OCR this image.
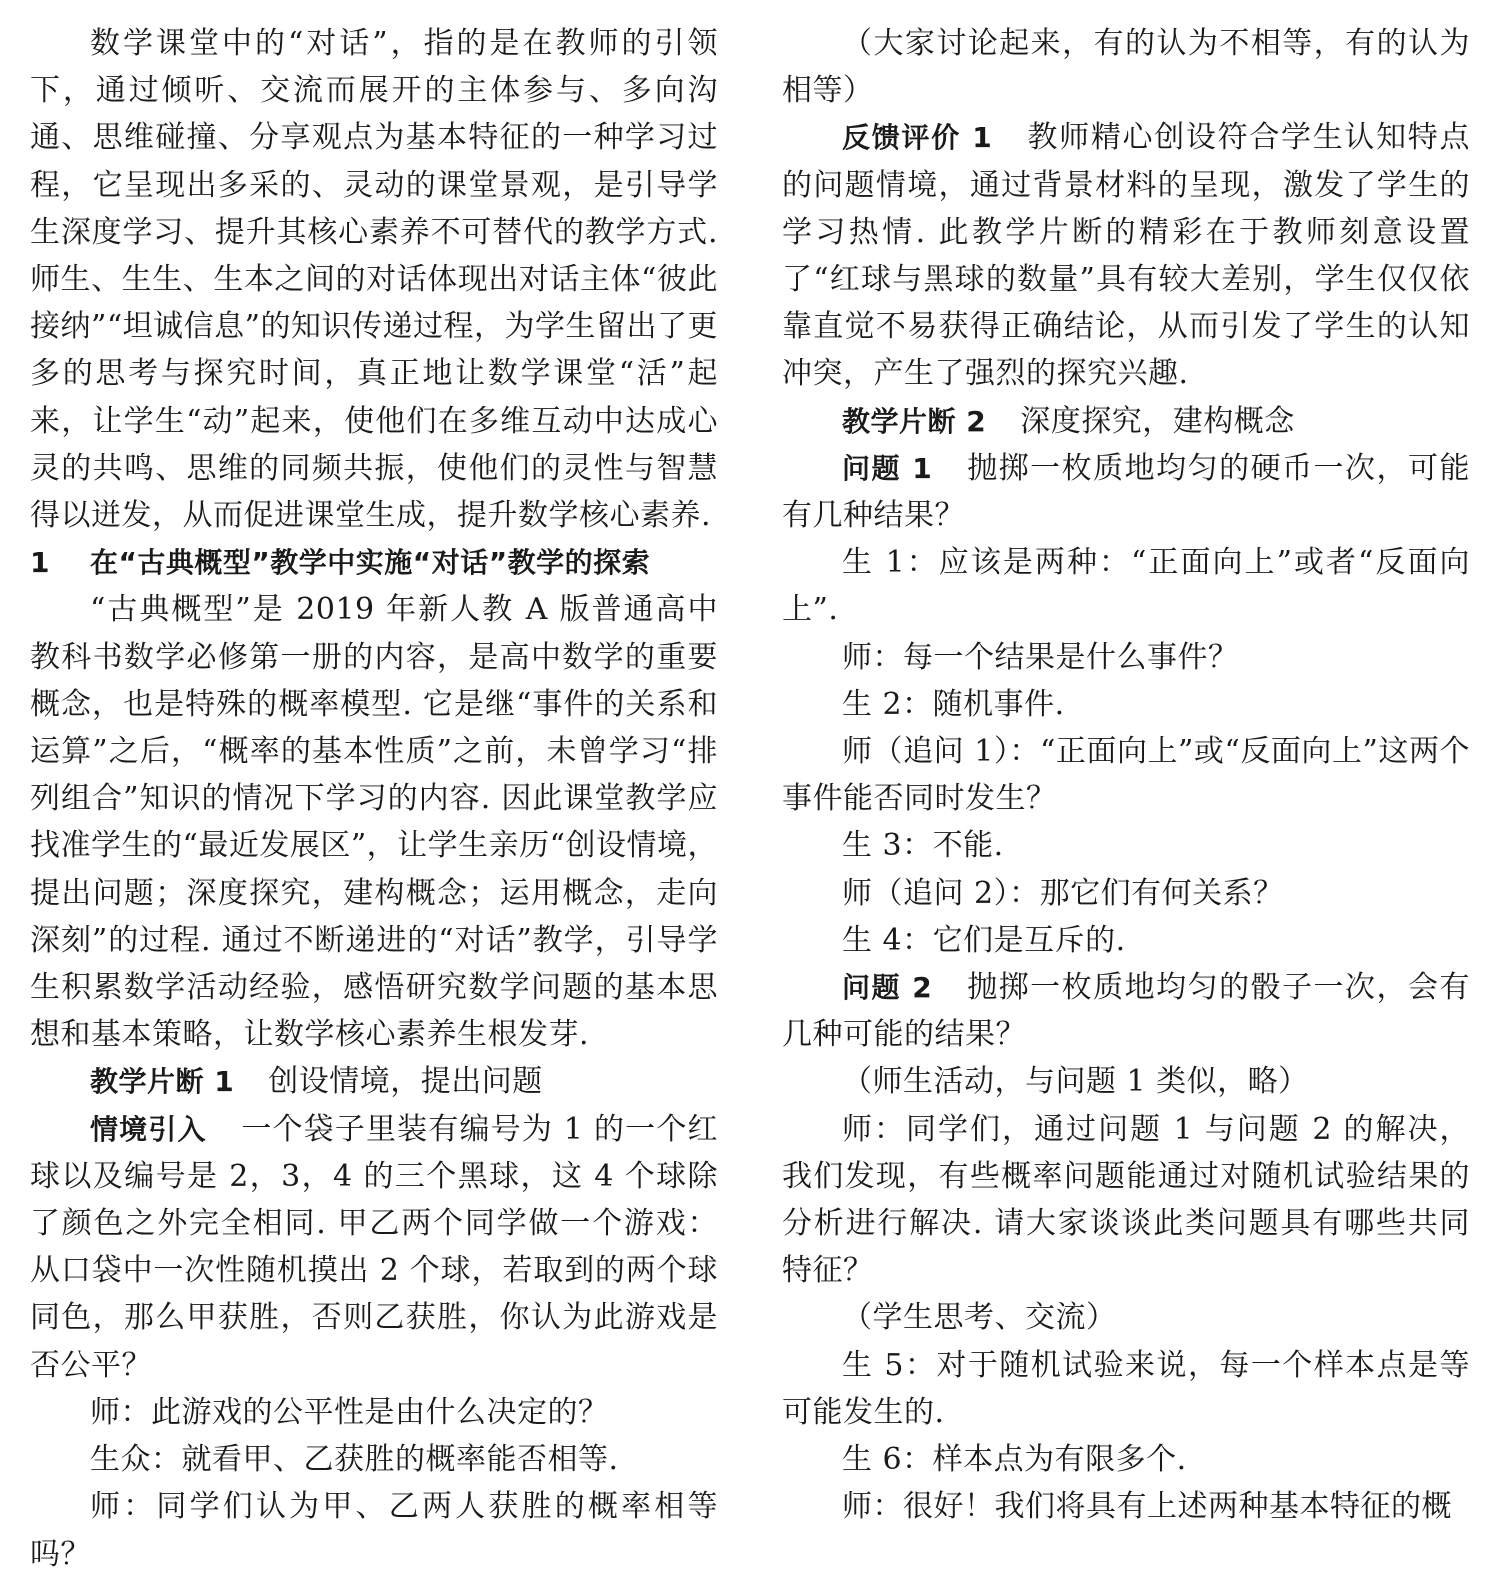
数学课堂中的“对话”，指的是在教师的引领下，通过倾听、交流而展开的主体参与、多向沟通、思维碰撞、分享观点为基本特征的一种学习过程，它呈现出多采的、灵动的课堂景观，是引导学生深度学习、提升其核心素养不可替代的教学方式. 师生、生生、生本之间的对话体现出对话主体“彼此接纳”“坦诚信息”的知识传递过程，为学生留出了更多的思考与探究时间，真正地让数学课堂“活”起来，让学生“动”起来，使他们在多维互动中达成心灵的共鸣、思维的同频共振，使他们的灵性与智慧得以迸发，从而促进课堂生成，提升数学核心素养.

1 在“古典概型”教学中实施“对话”教学的探索

“古典概型”是 2019 年新人教 A 版普通高中教科书数学必修第一册的内容，是高中数学的重要概念，也是特殊的概率模型. 它是继“事件的关系和运算”之后，“概率的基本性质”之前，未曾学习“排列组合”知识的情况下学习的内容. 因此课堂教学应找准学生的“最近发展区”，让学生亲历“创设情境，提出问题；深度探究，建构概念；运用概念，走向深刻”的过程. 通过不断递进的“对话”教学，引导学生积累数学活动经验，感悟研究数学问题的基本思想和基本策略，让数学核心素养生根发芽.

教学片断 1 创设情境，提出问题

情境引入 一个袋子里装有编号为 1 的一个红球以及编号是 2，3，4 的三个黑球，这 4 个球除了颜色之外完全相同. 甲乙两个同学做一个游戏：从口袋中一次性随机摸出 2 个球，若取到的两个球同色，那么甲获胜，否则乙获胜，你认为此游戏是否公平？

师：此游戏的公平性是由什么决定的？

生众：就看甲、乙获胜的概率能否相等.

师：同学们认为甲、乙两人获胜的概率相等吗？

（大家讨论起来，有的认为不相等，有的认为相等）

反馈评价 1 教师精心创设符合学生认知特点的问题情境，通过背景材料的呈现，激发了学生的学习热情. 此教学片断的精彩在于教师刻意设置了“红球与黑球的数量”具有较大差别，学生仅仅依靠直觉不易获得正确结论，从而引发了学生的认知冲突，产生了强烈的探究兴趣.

教学片断 2 深度探究，建构概念

问题 1 抛掷一枚质地均匀的硬币一次，可能有几种结果？

生 1：应该是两种：“正面向上”或者“反面向上”.

师：每一个结果是什么事件？

生 2：随机事件.

师（追问 1）：“正面向上”或“反面向上”这两个事件能否同时发生？

生 3：不能.

师（追问 2）：那它们有何关系？

生 4：它们是互斥的.

问题 2 抛掷一枚质地均匀的骰子一次，会有几种可能的结果？

（师生活动，与问题 1 类似，略）

师：同学们，通过问题 1 与问题 2 的解决，我们发现，有些概率问题能通过对随机试验结果的分析进行解决. 请大家谈谈此类问题具有哪些共同特征？

（学生思考、交流）

生 5：对于随机试验来说，每一个样本点是等可能发生的.

生 6：样本点为有限多个.

师：很好！我们将具有上述两种基本特征的概
